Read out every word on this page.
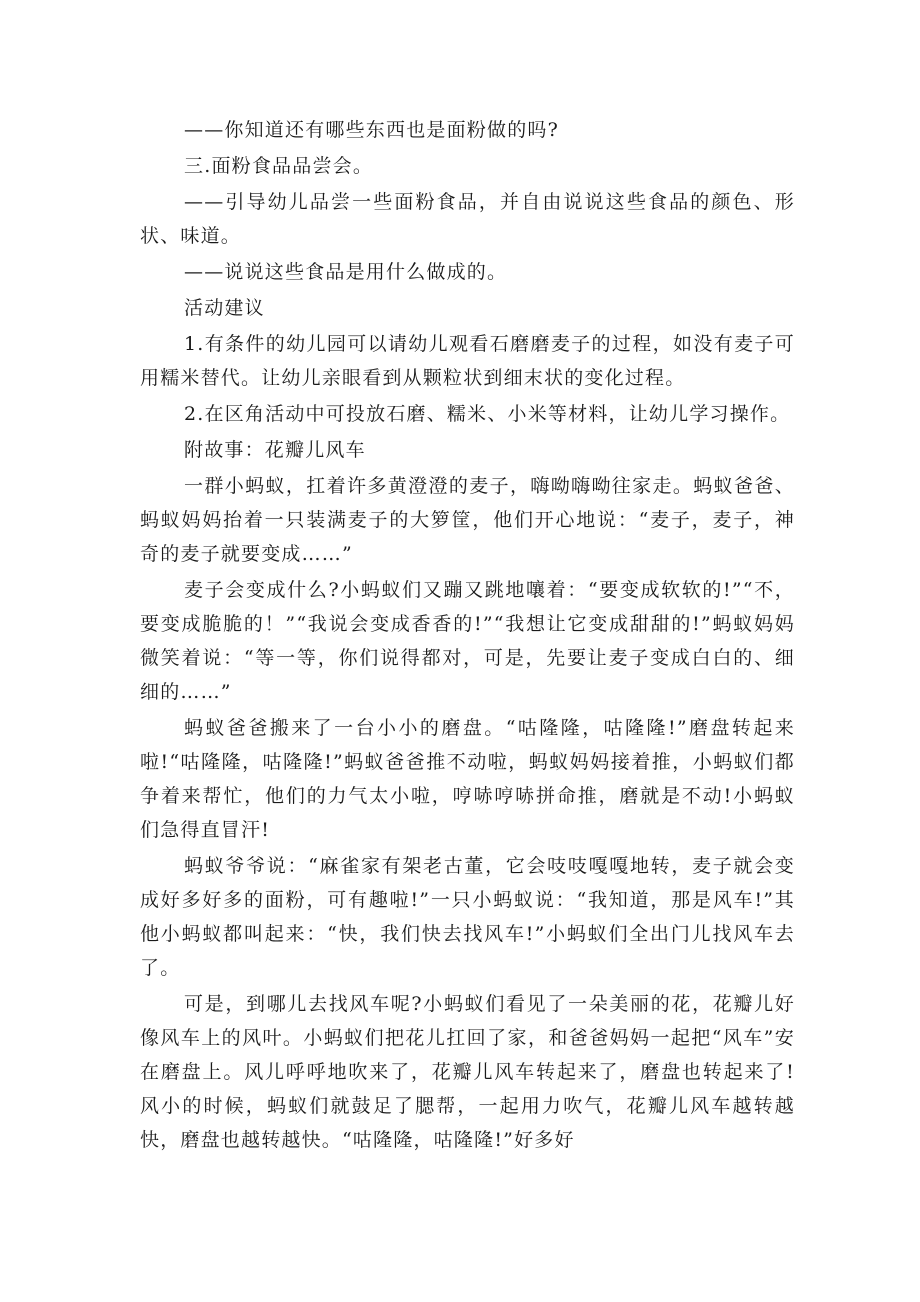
——你知道还有哪些东西也是面粉做的吗?

三.面粉食品品尝会。

——引导幼儿品尝一些面粉食品，并自由说说这些食品的颜色、形状、味道。

——说说这些食品是用什么做成的。

活动建议

1.有条件的幼儿园可以请幼儿观看石磨磨麦子的过程，如没有麦子可用糯米替代。让幼儿亲眼看到从颗粒状到细末状的变化过程。

2.在区角活动中可投放石磨、糯米、小米等材料，让幼儿学习操作。

附故事：花瓣儿风车

一群小蚂蚁，扛着许多黄澄澄的麦子，嗨呦嗨呦往家走。蚂蚁爸爸、蚂蚁妈妈抬着一只装满麦子的大箩筐，他们开心地说：“麦子，麦子，神奇的麦子就要变成……”

麦子会变成什么?小蚂蚁们又蹦又跳地嚷着：“要变成软软的!”“不，要变成脆脆的！”“我说会变成香香的!”“我想让它变成甜甜的!”蚂蚁妈妈微笑着说：“等一等，你们说得都对，可是，先要让麦子变成白白的、细细的……”

蚂蚁爸爸搬来了一台小小的磨盘。“咕隆隆，咕隆隆!”磨盘转起来啦!“咕隆隆，咕隆隆!”蚂蚁爸爸推不动啦，蚂蚁妈妈接着推，小蚂蚁们都争着来帮忙，他们的力气太小啦，哼哧哼哧拼命推，磨就是不动!小蚂蚁们急得直冒汗!

蚂蚁爷爷说：“麻雀家有架老古董，它会吱吱嘎嘎地转，麦子就会变成好多好多的面粉，可有趣啦!”一只小蚂蚁说：“我知道，那是风车!”其他小蚂蚁都叫起来：“快，我们快去找风车!”小蚂蚁们全出门儿找风车去了。

可是，到哪儿去找风车呢?小蚂蚁们看见了一朵美丽的花，花瓣儿好像风车上的风叶。小蚂蚁们把花儿扛回了家，和爸爸妈妈一起把“风车”安在磨盘上。风儿呼呼地吹来了，花瓣儿风车转起来了，磨盘也转起来了!风小的时候，蚂蚁们就鼓足了腮帮，一起用力吹气，花瓣儿风车越转越快，磨盘也越转越快。“咕隆隆，咕隆隆!”好多好
